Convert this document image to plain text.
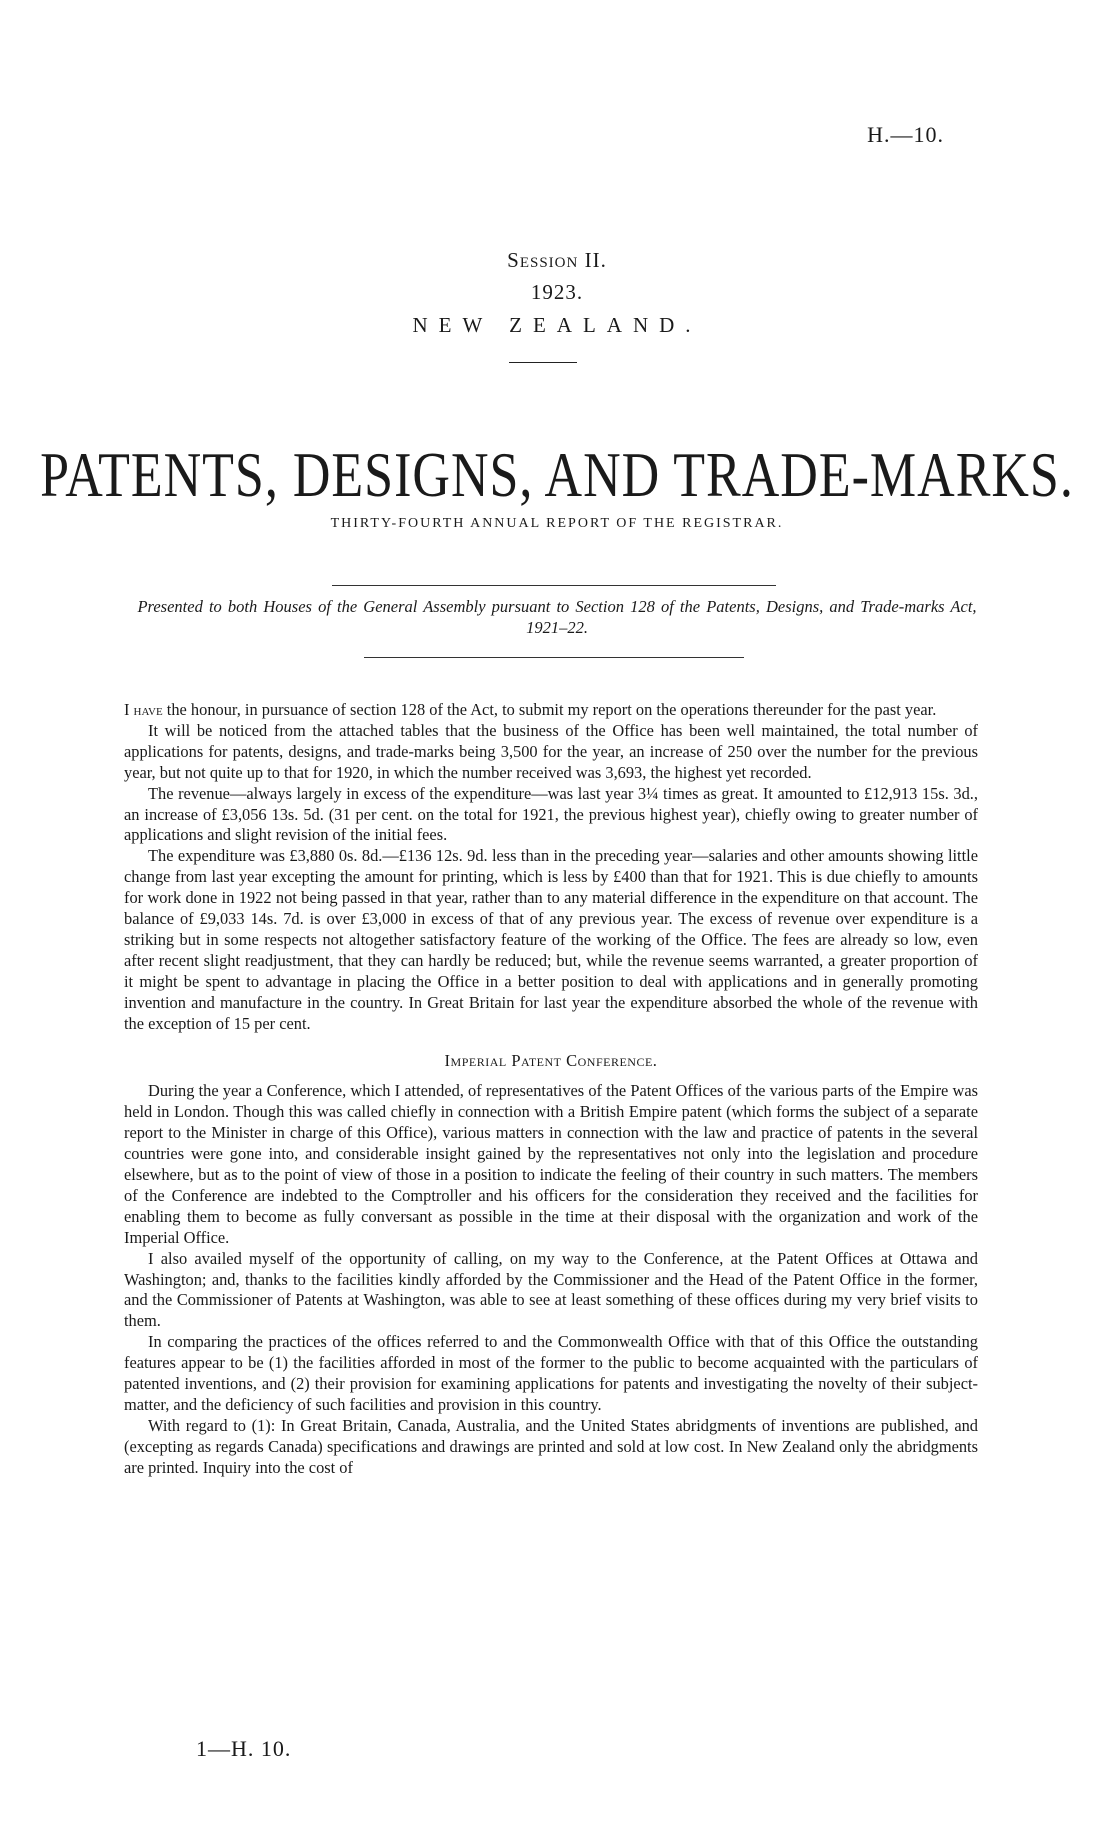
H.—10.
Session II.
1923.
NEW ZEALAND.
PATENTS, DESIGNS, AND TRADE-MARKS.
THIRTY-FOURTH ANNUAL REPORT OF THE REGISTRAR.
Presented to both Houses of the General Assembly pursuant to Section 128 of the Patents, Designs, and Trade-marks Act, 1921–22.

I have the honour, in pursuance of section 128 of the Act, to submit my report on the operations thereunder for the past year.

It will be noticed from the attached tables that the business of the Office has been well maintained, the total number of applications for patents, designs, and trade-marks being 3,500 for the year, an increase of 250 over the number for the previous year, but not quite up to that for 1920, in which the number received was 3,693, the highest yet recorded.

The revenue—always largely in excess of the expenditure—was last year 3¼ times as great. It amounted to £12,913 15s. 3d., an increase of £3,056 13s. 5d. (31 per cent. on the total for 1921, the previous highest year), chiefly owing to greater number of applications and slight revision of the initial fees.

The expenditure was £3,880 0s. 8d.—£136 12s. 9d. less than in the preceding year—salaries and other amounts showing little change from last year excepting the amount for printing, which is less by £400 than that for 1921. This is due chiefly to amounts for work done in 1922 not being passed in that year, rather than to any material difference in the expenditure on that account. The balance of £9,033 14s. 7d. is over £3,000 in excess of that of any previous year. The excess of revenue over expenditure is a striking but in some respects not altogether satisfactory feature of the working of the Office. The fees are already so low, even after recent slight readjustment, that they can hardly be reduced; but, while the revenue seems warranted, a greater proportion of it might be spent to advantage in placing the Office in a better position to deal with applications and in generally promoting invention and manufacture in the country. In Great Britain for last year the expenditure absorbed the whole of the revenue with the exception of 15 per cent.

Imperial Patent Conference.

During the year a Conference, which I attended, of representatives of the Patent Offices of the various parts of the Empire was held in London. Though this was called chiefly in connection with a British Empire patent (which forms the subject of a separate report to the Minister in charge of this Office), various matters in connection with the law and practice of patents in the several countries were gone into, and considerable insight gained by the representatives not only into the legislation and procedure elsewhere, but as to the point of view of those in a position to indicate the feeling of their country in such matters. The members of the Conference are indebted to the Comptroller and his officers for the consideration they received and the facilities for enabling them to become as fully conversant as possible in the time at their disposal with the organization and work of the Imperial Office.

I also availed myself of the opportunity of calling, on my way to the Conference, at the Patent Offices at Ottawa and Washington; and, thanks to the facilities kindly afforded by the Commissioner and the Head of the Patent Office in the former, and the Commissioner of Patents at Washington, was able to see at least something of these offices during my very brief visits to them.

In comparing the practices of the offices referred to and the Commonwealth Office with that of this Office the outstanding features appear to be (1) the facilities afforded in most of the former to the public to become acquainted with the particulars of patented inventions, and (2) their provision for examining applications for patents and investigating the novelty of their subject-matter, and the deficiency of such facilities and provision in this country.

With regard to (1): In Great Britain, Canada, Australia, and the United States abridgments of inventions are published, and (excepting as regards Canada) specifications and drawings are printed and sold at low cost. In New Zealand only the abridgments are printed. Inquiry into the cost of

1—H. 10.
